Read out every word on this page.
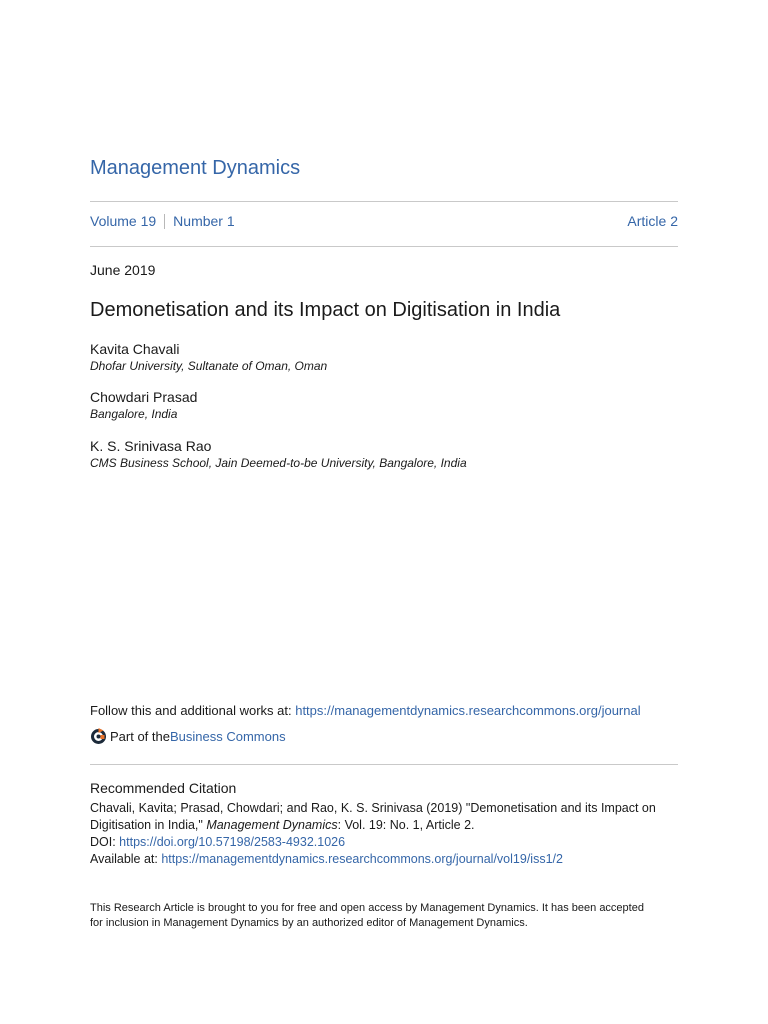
Management Dynamics
Volume 19 Number 1	Article 2
June 2019
Demonetisation and its Impact on Digitisation in India
Kavita Chavali
Dhofar University, Sultanate of Oman, Oman
Chowdari Prasad
Bangalore, India
K. S. Srinivasa Rao
CMS Business School, Jain Deemed-to-be University, Bangalore, India
Follow this and additional works at: https://managementdynamics.researchcommons.org/journal
Part of the Business Commons
Recommended Citation
Chavali, Kavita; Prasad, Chowdari; and Rao, K. S. Srinivasa (2019) "Demonetisation and its Impact on
Digitisation in India," Management Dynamics: Vol. 19: No. 1, Article 2.
DOI: https://doi.org/10.57198/2583-4932.1026
Available at: https://managementdynamics.researchcommons.org/journal/vol19/iss1/2
This Research Article is brought to you for free and open access by Management Dynamics. It has been accepted
for inclusion in Management Dynamics by an authorized editor of Management Dynamics.
